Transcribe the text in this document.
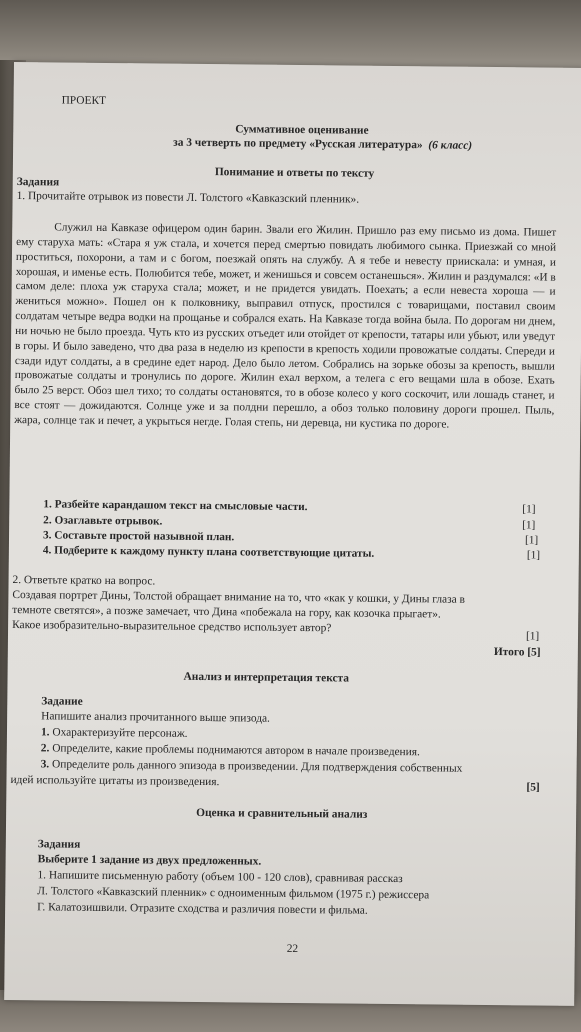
ПРОЕКТ

Суммативное оценивание

за 3 четверть по предмету «Русская литература» (6 класс)

Понимание и ответы по тексту

Задания

1. Прочитайте отрывок из повести Л. Толстого «Кавказский пленник».

Служил на Кавказе офицером один барин. Звали его Жилин. Пришло раз ему письмо из дома. Пишет ему старуха мать: «Стара я уж стала, и хочется перед смертью повидать любимого сынка. Приезжай со мной проститься, похорони, а там и с богом, поезжай опять на службу. А я тебе и невесту приискала: и умная, и хорошая, и именье есть. Полюбится тебе, может, и женишься и совсем останешься». Жилин и раздумался: «И в самом деле: плоха уж старуха стала; может, и не придется увидать. Поехать; а если невеста хороша — и жениться можно». Пошел он к полковнику, выправил отпуск, простился с товарищами, поставил своим солдатам четыре ведра водки на прощанье и собрался ехать. На Кавказе тогда война была. По дорогам ни днем, ни ночью не было проезда. Чуть кто из русских отъедет или отойдет от крепости, татары или убьют, или уведут в горы. И было заведено, что два раза в неделю из крепости в крепость ходили провожатые солдаты. Спереди и сзади идут солдаты, а в средине едет народ. Дело было летом. Собрались на зорьке обозы за крепость, вышли провожатые солдаты и тронулись по дороге. Жилин ехал верхом, а телега с его вещами шла в обозе. Ехать было 25 верст. Обоз шел тихо; то солдаты остановятся, то в обозе колесо у кого соскочит, или лошадь станет, и все стоят — дожидаются. Солнце уже и за полдни перешло, а обоз только половину дороги прошел. Пыль, жара, солнце так и печет, а укрыться негде. Голая степь, ни деревца, ни кустика по дороге.

1. Разбейте карандашом текст на смысловые части.	[1]

2. Озаглавьте отрывок.	[1]

3. Составьте простой назывной план.	[1]

4. Подберите к каждому пункту плана соответствующие цитаты.	[1]

2. Ответьте кратко на вопрос.

Создавая портрет Дины, Толстой обращает внимание на то, что «как у кошки, у Дины глаза в

темноте светятся», а позже замечает, что Дина «побежала на гору, как козочка прыгает».

Какое изобразительно-выразительное средство использует автор?

[1]

Итого [5]

Анализ и интерпретация текста

Задание

Напишите анализ прочитанного выше эпизода.

1. Охарактеризуйте персонаж.

2. Определите, какие проблемы поднимаются автором в начале произведения.

3. Определите роль данного эпизода в произведении. Для подтверждения собственных

идей используйте цитаты из произведения.	[5]

Оценка и сравнительный анализ

Задания

Выберите 1 задание из двух предложенных.

1. Напишите письменную работу (объем 100 - 120 слов), сравнивая рассказ

Л. Толстого «Кавказский пленник» с одноименным фильмом (1975 г.) режиссера

Г. Калатозишвили. Отразите сходства и различия повести и фильма.

22
